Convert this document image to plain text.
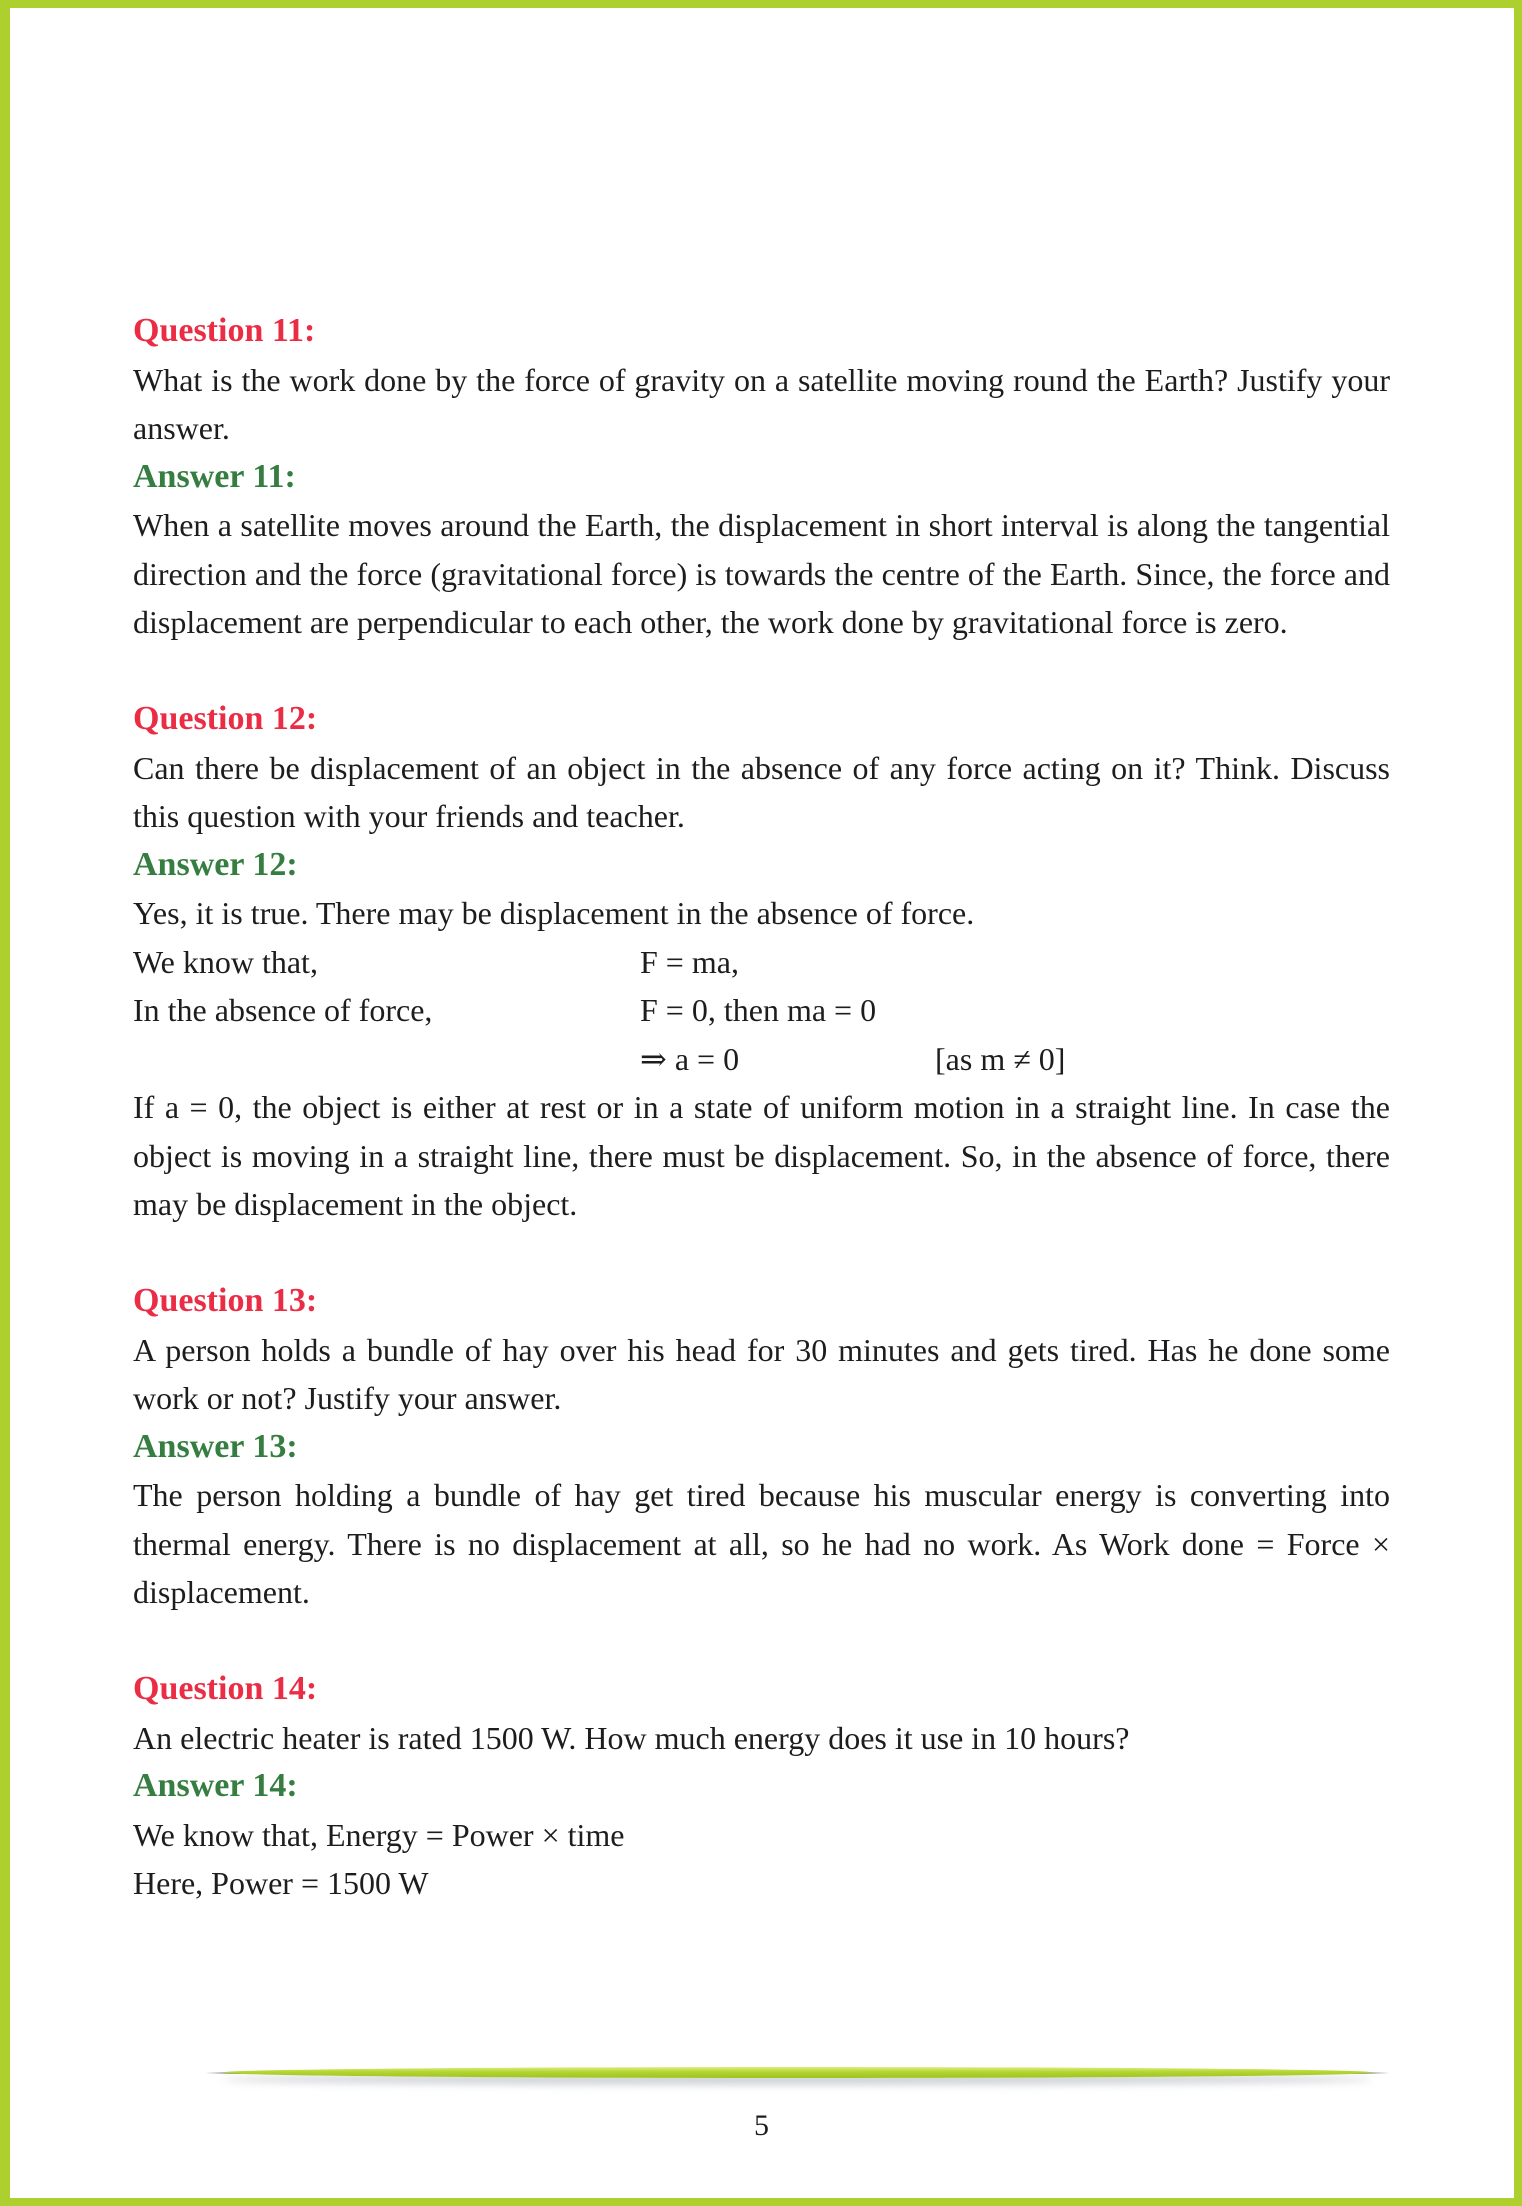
Question 11:

What is the work done by the force of gravity on a satellite moving round the Earth? Justify your answer.

Answer 11:

When a satellite moves around the Earth, the displacement in short interval is along the tangential direction and the force (gravitational force) is towards the centre of the Earth. Since, the force and displacement are perpendicular to each other, the work done by gravitational force is zero.

Question 12:

Can there be displacement of an object in the absence of any force acting on it? Think. Discuss this question with your friends and teacher.

Answer 12:

Yes, it is true. There may be displacement in the absence of force.

We know that,	F = ma,
In the absence of force,	F = 0, then ma = 0
⇒ a = 0	[as m ≠ 0]

If a = 0, the object is either at rest or in a state of uniform motion in a straight line. In case the object is moving in a straight line, there must be displacement. So, in the absence of force, there may be displacement in the object.

Question 13:

A person holds a bundle of hay over his head for 30 minutes and gets tired. Has he done some work or not? Justify your answer.

Answer 13:

The person holding a bundle of hay get tired because his muscular energy is converting into thermal energy. There is no displacement at all, so he had no work. As Work done = Force × displacement.

Question 14:

An electric heater is rated 1500 W. How much energy does it use in 10 hours?

Answer 14:

We know that, Energy = Power × time

Here, Power = 1500 W

5
